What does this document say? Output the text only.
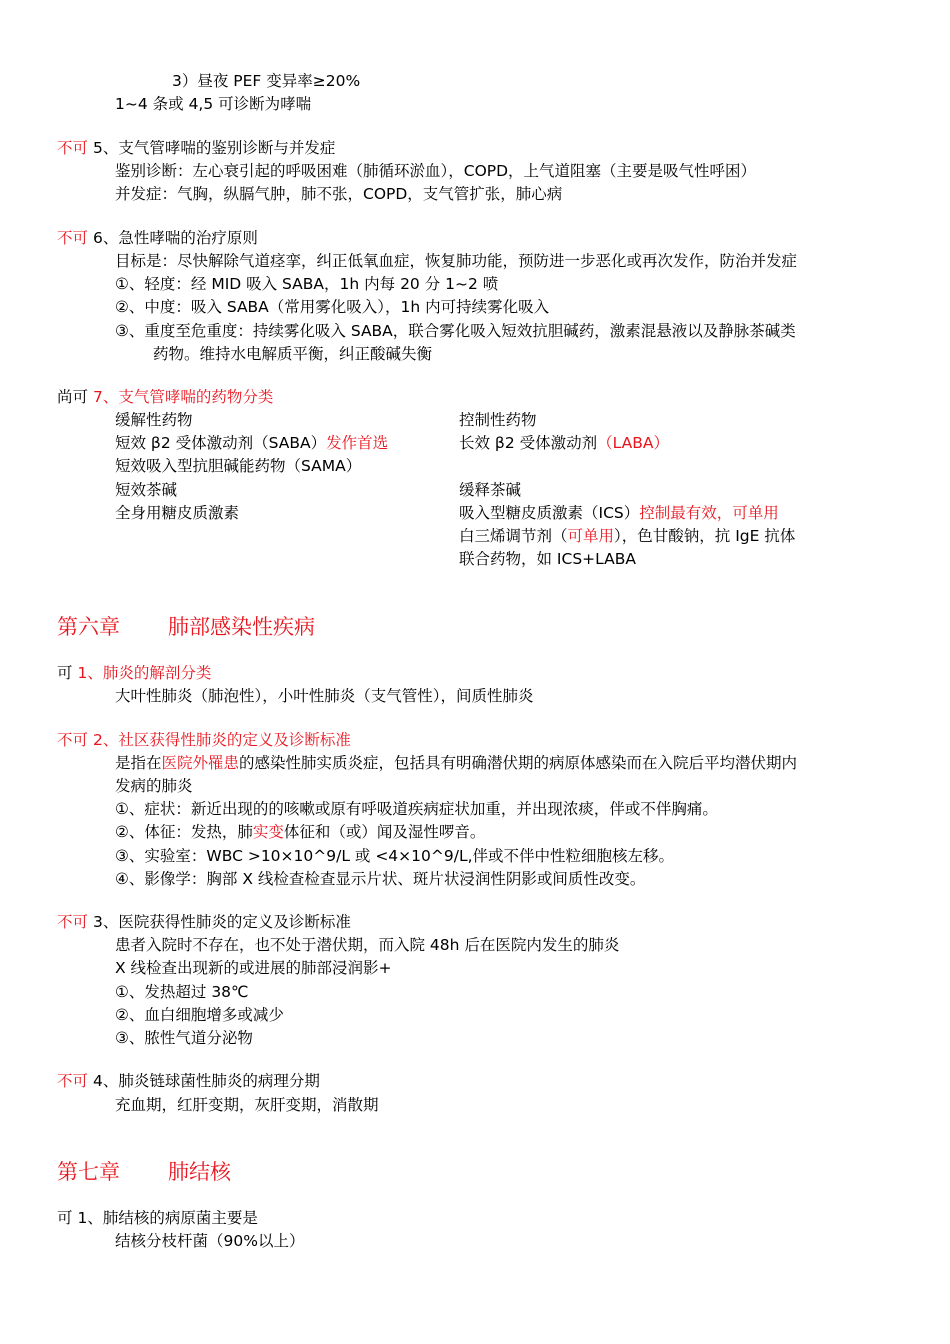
3）昼夜 PEF 变异率≥20%
1~4 条或 4,5 可诊断为哮喘
不可 5、支气管哮喘的鉴别诊断与并发症
鉴别诊断：左心衰引起的呼吸困难（肺循环淤血），COPD，上气道阻塞（主要是吸气性呼困）
并发症：气胸，纵膈气肿，肺不张，COPD，支气管扩张，肺心病
不可 6、急性哮喘的治疗原则
目标是：尽快解除气道痉挛，纠正低氧血症，恢复肺功能，预防进一步恶化或再次发作，防治并发症
①、轻度：经 MID 吸入 SABA，1h 内每 20 分 1~2 喷
②、中度：吸入 SABA（常用雾化吸入），1h 内可持续雾化吸入
③、重度至危重度：持续雾化吸入 SABA，联合雾化吸入短效抗胆碱药，激素混悬液以及静脉茶碱类
药物。维持水电解质平衡，纠正酸碱失衡
尚可 7、支气管哮喘的药物分类
缓解性药物
短效 β2 受体激动剂（SABA）发作首选
短效吸入型抗胆碱能药物（SAMA）
短效茶碱
全身用糖皮质激素
控制性药物
长效 β2 受体激动剂（LABA）
缓释茶碱
吸入型糖皮质激素（ICS）控制最有效，可单用
白三烯调节剂（可单用），色甘酸钠，抗 IgE 抗体
联合药物，如 ICS+LABA
第六章 肺部感染性疾病
可 1、肺炎的解剖分类
大叶性肺炎（肺泡性），小叶性肺炎（支气管性），间质性肺炎
不可 2、社区获得性肺炎的定义及诊断标准
是指在医院外罹患的感染性肺实质炎症，包括具有明确潜伏期的病原体感染而在入院后平均潜伏期内
发病的肺炎
①、症状：新近出现的的咳嗽或原有呼吸道疾病症状加重，并出现浓痰，伴或不伴胸痛。
②、体征：发热，肺实变体征和（或）闻及湿性啰音。
③、实验室：WBC >10×10^9/L 或 <4×10^9/L,伴或不伴中性粒细胞核左移。
④、影像学：胸部 X 线检查检查显示片状、斑片状浸润性阴影或间质性改变。
不可 3、医院获得性肺炎的定义及诊断标准
患者入院时不存在，也不处于潜伏期，而入院 48h 后在医院内发生的肺炎
X 线检查出现新的或进展的肺部浸润影+
①、发热超过 38℃
②、血白细胞增多或减少
③、脓性气道分泌物
不可 4、肺炎链球菌性肺炎的病理分期
充血期，红肝变期，灰肝变期，消散期
第七章 肺结核
可 1、肺结核的病原菌主要是
结核分枝杆菌（90%以上）
